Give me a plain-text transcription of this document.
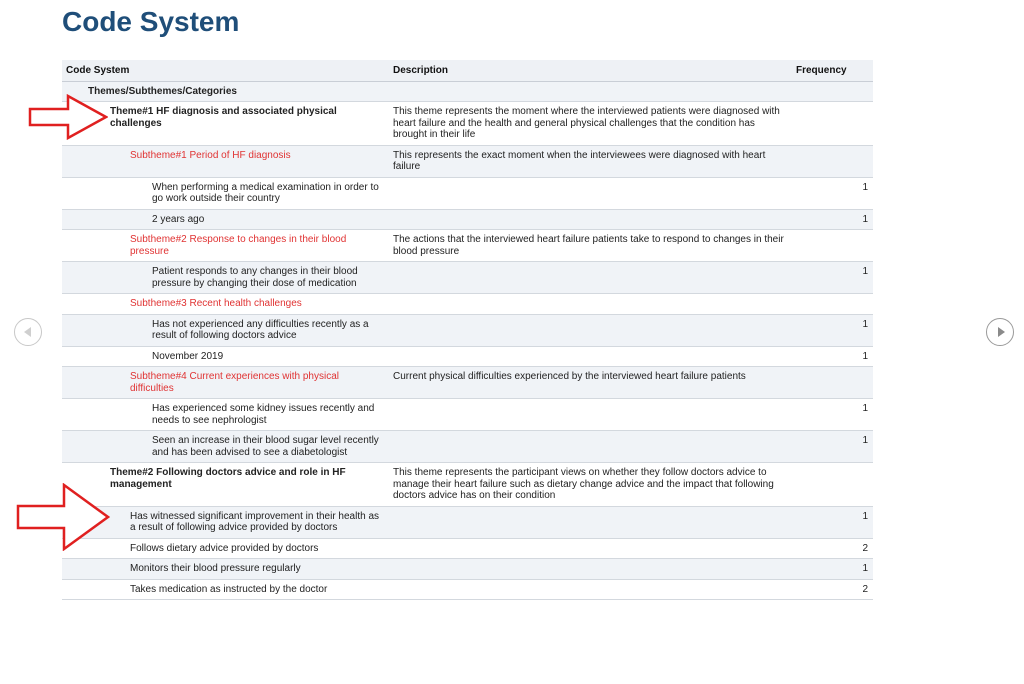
Code System
Code System	Description	Frequency
Themes/Subthemes/Categories		
Theme#1 HF diagnosis and associated physical challenges	This theme represents the moment where the interviewed patients were diagnosed with heart failure and the health and general physical challenges that the condition has brought in their life	
Subtheme#1 Period of HF diagnosis	This represents the exact moment when the interviewees were diagnosed with heart failure	
When performing a medical examination in order to go work outside their country		1
2 years ago		1
Subtheme#2 Response to changes in their blood pressure	The actions that the interviewed heart failure patients take to respond to changes in their blood pressure	
Patient responds to any changes in their blood pressure by changing their dose of medication		1
Subtheme#3 Recent health challenges		
Has not experienced any difficulties recently as a result of following doctors advice		1
November 2019		1
Subtheme#4 Current experiences with physical difficulties	Current physical difficulties experienced by the interviewed heart failure patients	
Has experienced some kidney issues recently and needs to see nephrologist		1
Seen an increase in their blood sugar level recently and has been advised to see a diabetologist		1
Theme#2 Following doctors advice and role in HF management	This theme represents the participant views on whether they follow doctors advice to manage their heart failure such as dietary change advice and the impact that following doctors advice has on their condition	
Has witnessed significant improvement in their health as a result of following advice provided by doctors		1
Follows dietary advice provided by doctors		2
Monitors their blood pressure regularly		1
Takes medication as instructed by the doctor		2
